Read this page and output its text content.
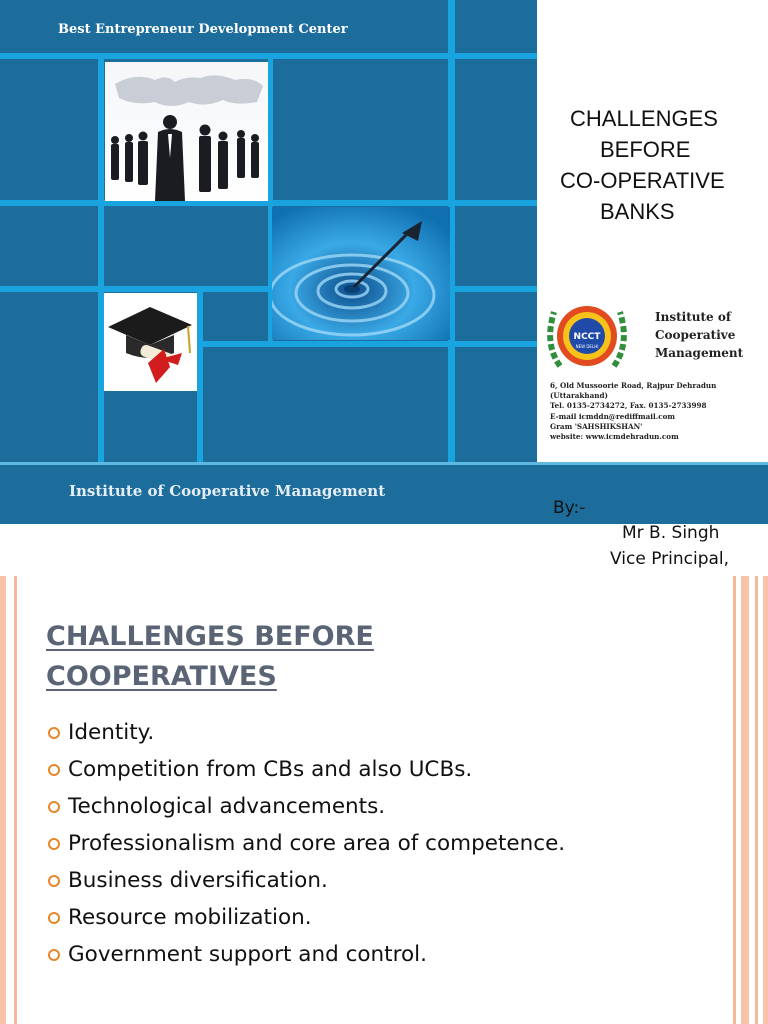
Best Entrepreneur Development Center
Institute of Cooperative Management
CHALLENGES
BEFORE
CO-OPERATIVE
BANKS
NCCT
NEW DELHI
Institute of
Cooperative
Management
6, Old Mussoorie Road, Rajpur Dehradun
(Uttarakhand)
Tel. 0135-2734272, Fax. 0135-2733998
E-mail icmddn@rediffmail.com
Gram 'SAHSHIKSHAN'
website: www.icmdehradun.com
By:-
Mr B. Singh
Vice Principal,
CHALLENGES BEFORE
COOPERATIVES
Identity.
Competition from CBs and also UCBs.
Technological advancements.
Professionalism and core area of competence.
Business diversification.
Resource mobilization.
Government support and control.
